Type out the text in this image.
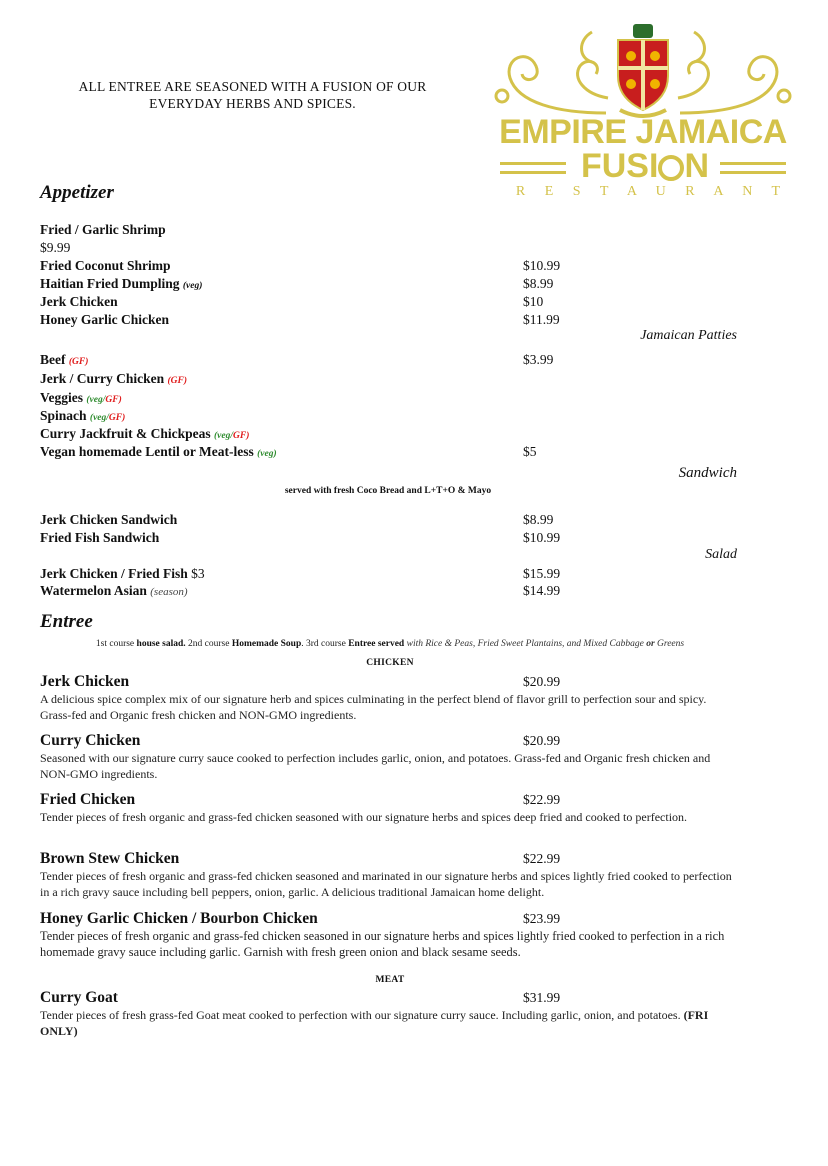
ALL ENTREE ARE SEASONED WITH A FUSION OF OUR EVERYDAY HERBS AND SPICES.
EMPIRE JAMAICA
FUSI N
R E S T A U R A N T
Appetizer
Fried / Garlic Shrimp
$9.99
Fried Coconut Shrimp	$10.99
Haitian Fried Dumpling (veg)	$8.99
Jerk Chicken	$10
Honey Garlic Chicken	$11.99
Jamaican Patties
Beef (GF)	$3.99
Jerk / Curry Chicken (GF)
Veggies (veg/GF)
Spinach (veg/GF)
Curry Jackfruit & Chickpeas (veg/GF)
Vegan homemade Lentil or Meat-less (veg)	$5
Sandwich
served with fresh Coco Bread and L+T+O & Mayo
Jerk Chicken Sandwich	$8.99
Fried Fish Sandwich	$10.99
Salad
Jerk Chicken / Fried Fish $3	$15.99
Watermelon Asian (season)	$14.99
Entree
1st course house salad. 2nd course Homemade Soup. 3rd course Entree served with Rice & Peas, Fried Sweet Plantains, and Mixed Cabbage or Greens
CHICKEN
Jerk Chicken	$20.99
A delicious spice complex mix of our signature herb and spices culminating in the perfect blend of flavor grill to perfection sour and spicy. Grass-fed and Organic fresh chicken and NON-GMO ingredients.
Curry Chicken	$20.99
Seasoned with our signature curry sauce cooked to perfection includes garlic, onion, and potatoes. Grass-fed and Organic fresh chicken and NON-GMO ingredients.
Fried Chicken	$22.99
Tender pieces of fresh organic and grass-fed chicken seasoned with our signature herbs and spices deep fried and cooked to perfection.
Brown Stew Chicken	$22.99
Tender pieces of fresh organic and grass-fed chicken seasoned and marinated in our signature herbs and spices lightly fried cooked to perfection in a rich gravy sauce including bell peppers, onion, garlic. A delicious traditional Jamaican home delight.
Honey Garlic Chicken / Bourbon Chicken	$23.99
Tender pieces of fresh organic and grass-fed chicken seasoned in our signature herbs and spices lightly fried cooked to perfection in a rich homemade gravy sauce including garlic. Garnish with fresh green onion and black sesame seeds.
MEAT
Curry Goat	$31.99
Tender pieces of fresh grass-fed Goat meat cooked to perfection with our signature curry sauce. Including garlic, onion, and potatoes. (FRI ONLY)
